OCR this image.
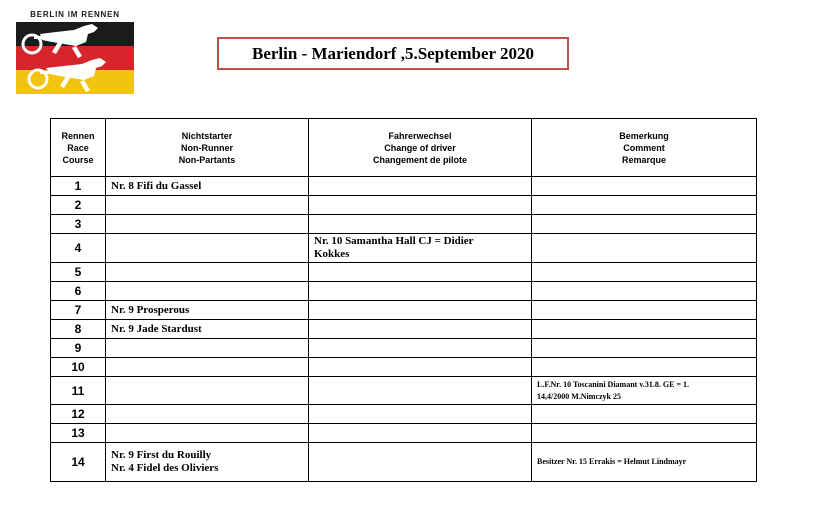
BERLIN IM RENNEN
Berlin - Mariendorf ,5.September 2020
Rennen
Race
Course	Nichtstarter
Non-Runner
Non-Partants	Fahrerwechsel
Change of driver
Changement de pilote	Bemerkung
Comment
Remarque

1	Nr. 8 Fifi du Gassel		

2			
3			
4		Nr. 10 Samantha Hall CJ = Didier
Kokkes	

5			
6			
7	Nr. 9 Prosperous		

8	Nr. 9 Jade Stardust		

9			
10			
11			L.F.Nr. 10 Toscanini Diamant v.31.8. GE = 1.
14,4/2000 M.Nimczyk 25

12			
13			
14	Nr. 9 First du Rouilly
Nr. 4 Fidel des Oliviers		Besitzer Nr. 15 Errakis = Helmut Lindmayr
